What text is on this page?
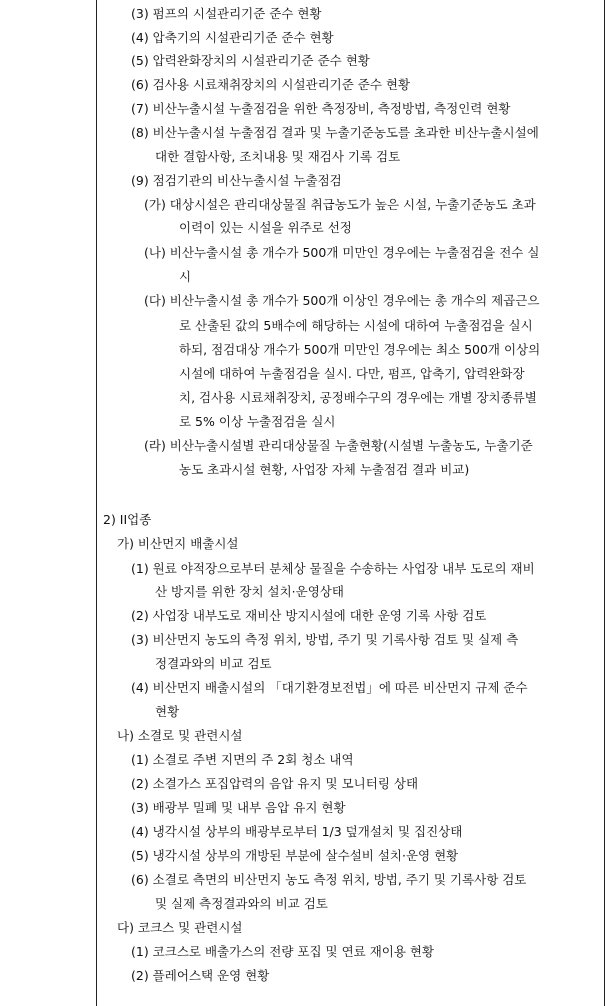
(3) 펌프의 시설관리기준 준수 현황
(4) 압축기의 시설관리기준 준수 현황
(5) 압력완화장치의 시설관리기준 준수 현황
(6) 검사용 시료채취장치의 시설관리기준 준수 현황
(7) 비산누출시설 누출점검을 위한 측정장비, 측정방법, 측정인력 현황
(8) 비산누출시설 누출점검 결과 및 누출기준농도를 초과한 비산누출시설에
대한 결함사항, 조치내용 및 재검사 기록 검토
(9) 점검기관의 비산누출시설 누출점검
(가) 대상시설은 관리대상물질 취급농도가 높은 시설, 누출기준농도 초과
이력이 있는 시설을 위주로 선정
(나) 비산누출시설 총 개수가 500개 미만인 경우에는 누출점검을 전수 실
시
(다) 비산누출시설 총 개수가 500개 이상인 경우에는 총 개수의 제곱근으
로 산출된 값의 5배수에 해당하는 시설에 대하여 누출점검을 실시
하되, 점검대상 개수가 500개 미만인 경우에는 최소 500개 이상의
시설에 대하여 누출점검을 실시. 다만, 펌프, 압축기, 압력완화장
치, 검사용 시료채취장치, 공정배수구의 경우에는 개별 장치종류별
로 5% 이상 누출점검을 실시
(라) 비산누출시설별 관리대상물질 누출현황(시설별 누출농도, 누출기준
농도 초과시설 현황, 사업장 자체 누출점검 결과 비교)
2) II업종
가) 비산먼지 배출시설
(1) 원료 야적장으로부터 분체상 물질을 수송하는 사업장 내부 도로의 재비
산 방지를 위한 장치 설치·운영상태
(2) 사업장 내부도로 재비산 방지시설에 대한 운영 기록 사항 검토
(3) 비산먼지 농도의 측정 위치, 방법, 주기 및 기록사항 검토 및 실제 측
정결과와의 비교 검토
(4) 비산먼지 배출시설의 「대기환경보전법」에 따른 비산먼지 규제 준수
현황
나) 소결로 및 관련시설
(1) 소결로 주변 지면의 주 2회 청소 내역
(2) 소결가스 포집압력의 음압 유지 및 모니터링 상태
(3) 배광부 밀폐 및 내부 음압 유지 현황
(4) 냉각시설 상부의 배광부로부터 1/3 덮개설치 및 집진상태
(5) 냉각시설 상부의 개방된 부분에 살수설비 설치·운영 현황
(6) 소결로 측면의 비산먼지 농도 측정 위치, 방법, 주기 및 기록사항 검토
및 실제 측정결과와의 비교 검토
다) 코크스 및 관련시설
(1) 코크스로 배출가스의 전량 포집 및 연료 재이용 현황
(2) 플레어스택 운영 현황
